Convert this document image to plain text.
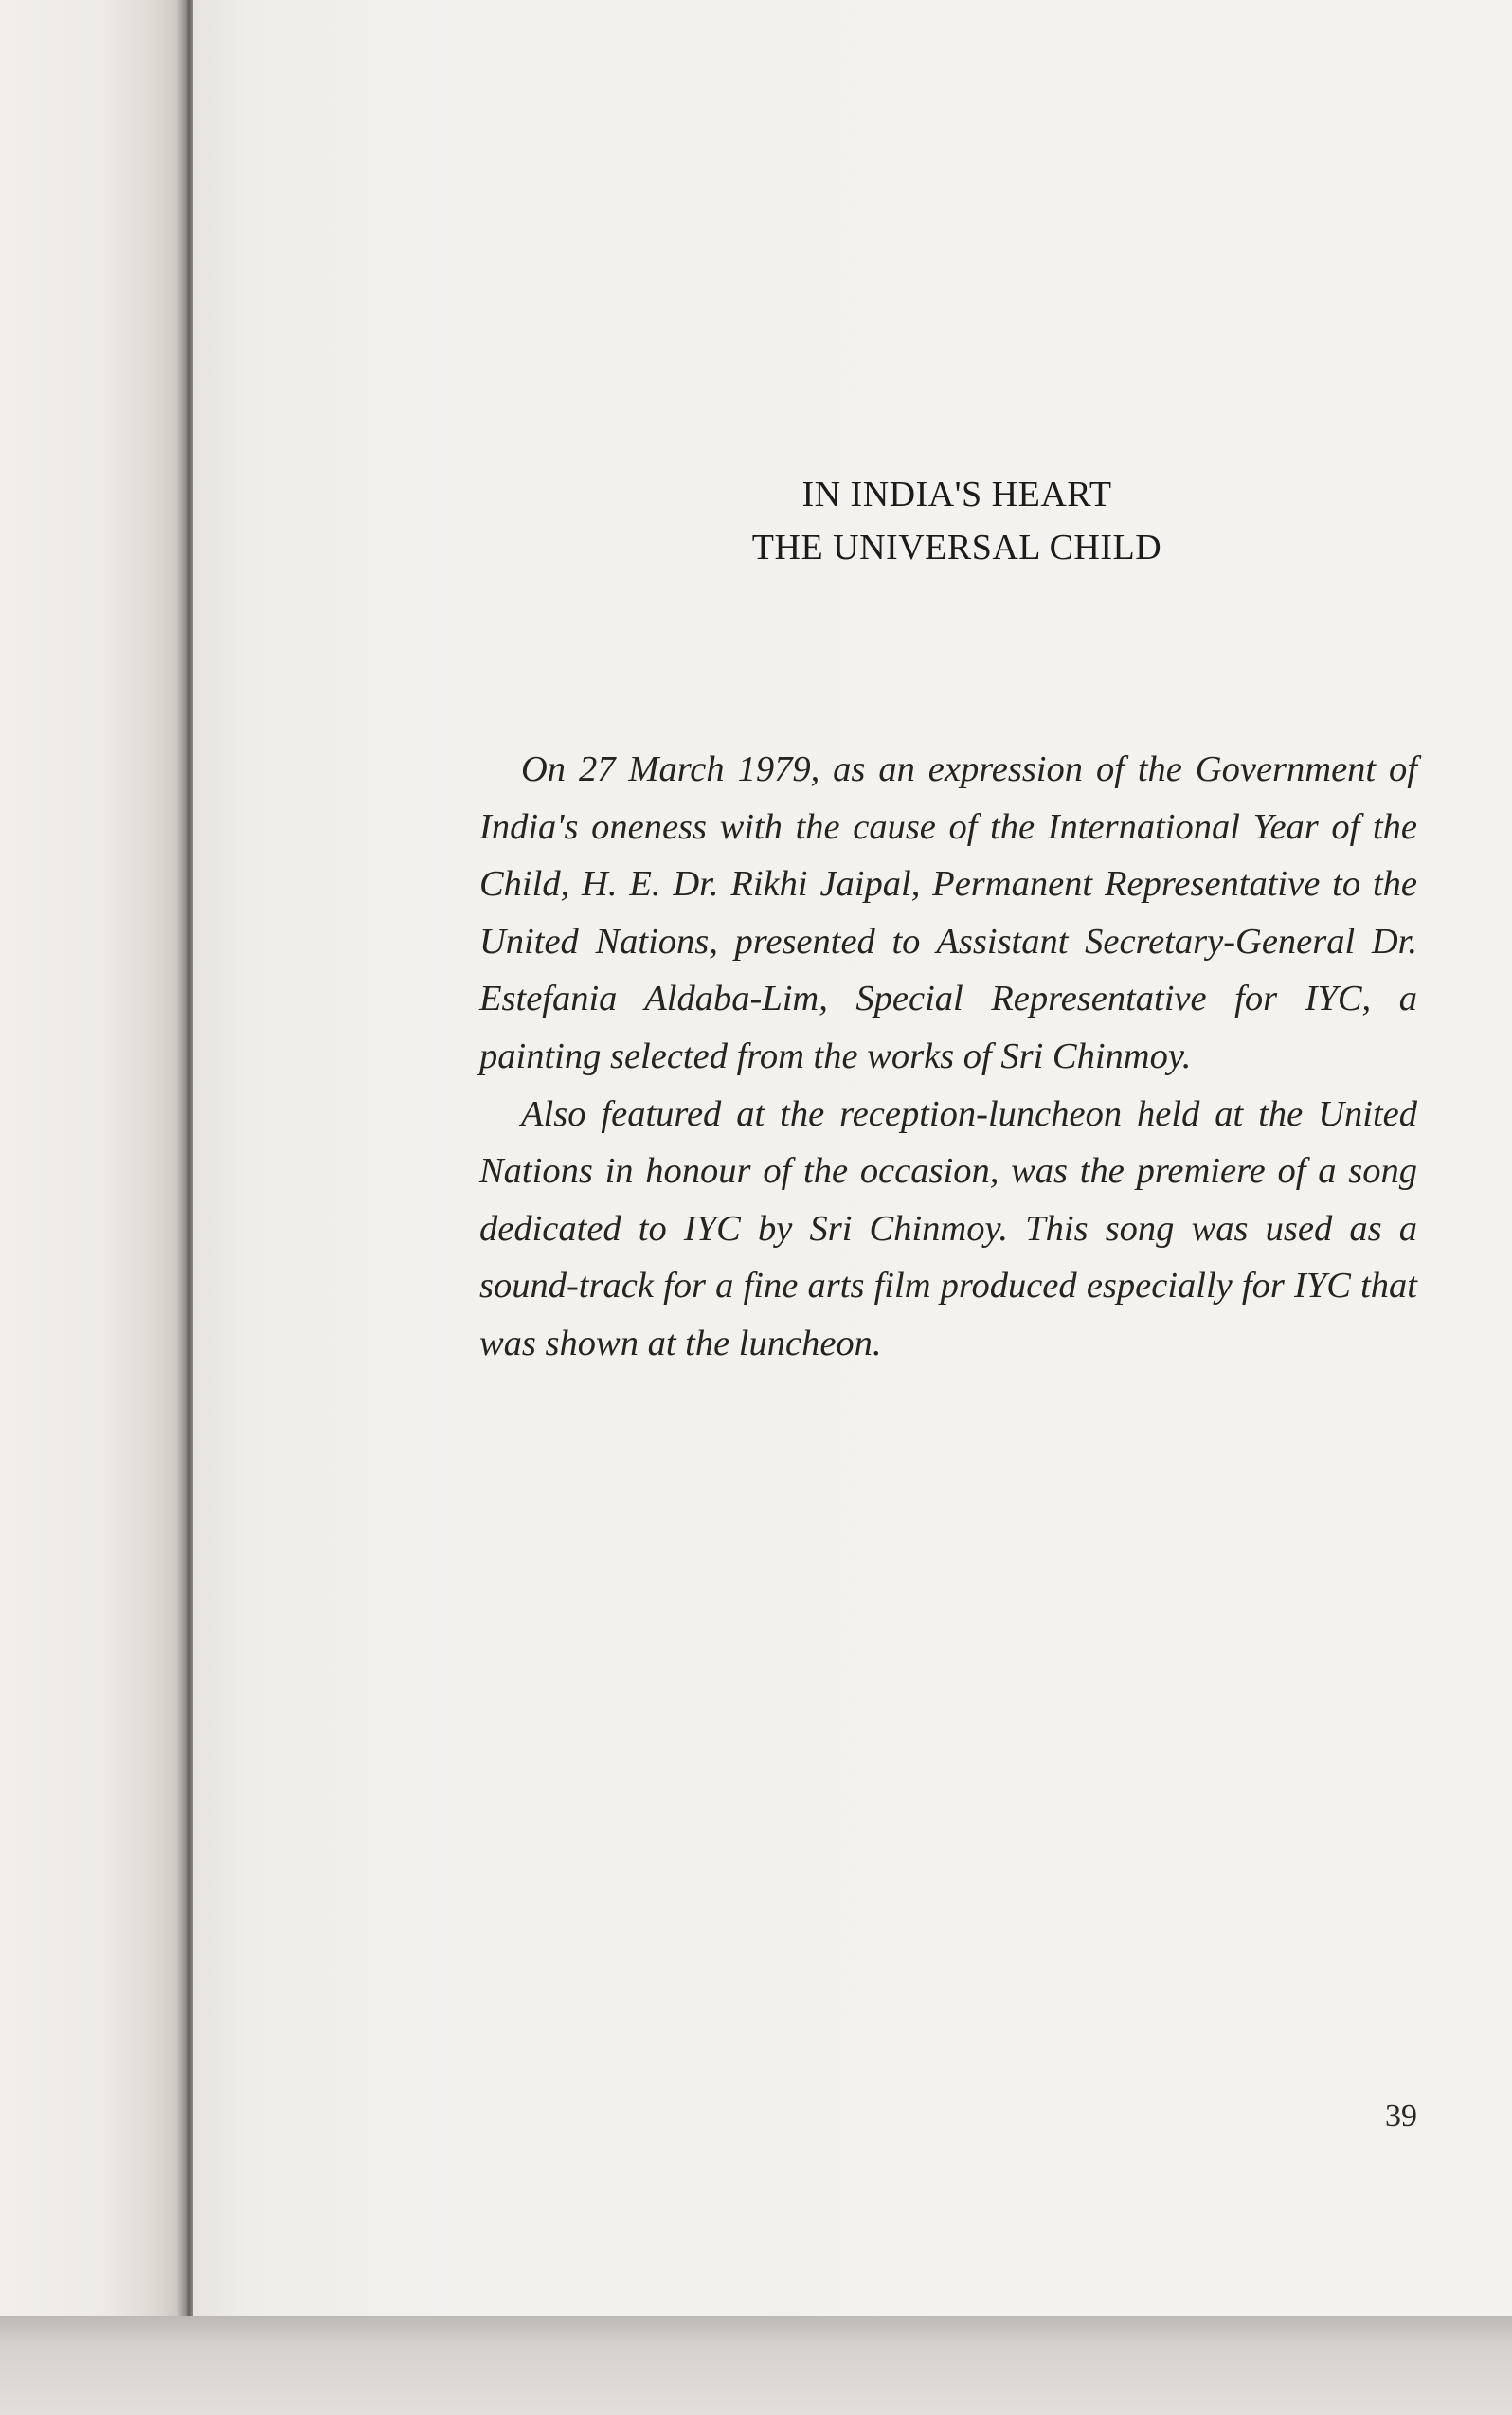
IN INDIA'S HEART
THE UNIVERSAL CHILD

On 27 March 1979, as an expression of the Government of India's oneness with the cause of the International Year of the Child, H. E. Dr. Rikhi Jaipal, Permanent Representative to the United Nations, presented to Assistant Secretary-General Dr. Estefania Aldaba-Lim, Special Representative for IYC, a painting selected from the works of Sri Chinmoy.

Also featured at the reception-luncheon held at the United Nations in honour of the occasion, was the premiere of a song dedicated to IYC by Sri Chinmoy. This song was used as a sound-track for a fine arts film produced especially for IYC that was shown at the luncheon.

39
